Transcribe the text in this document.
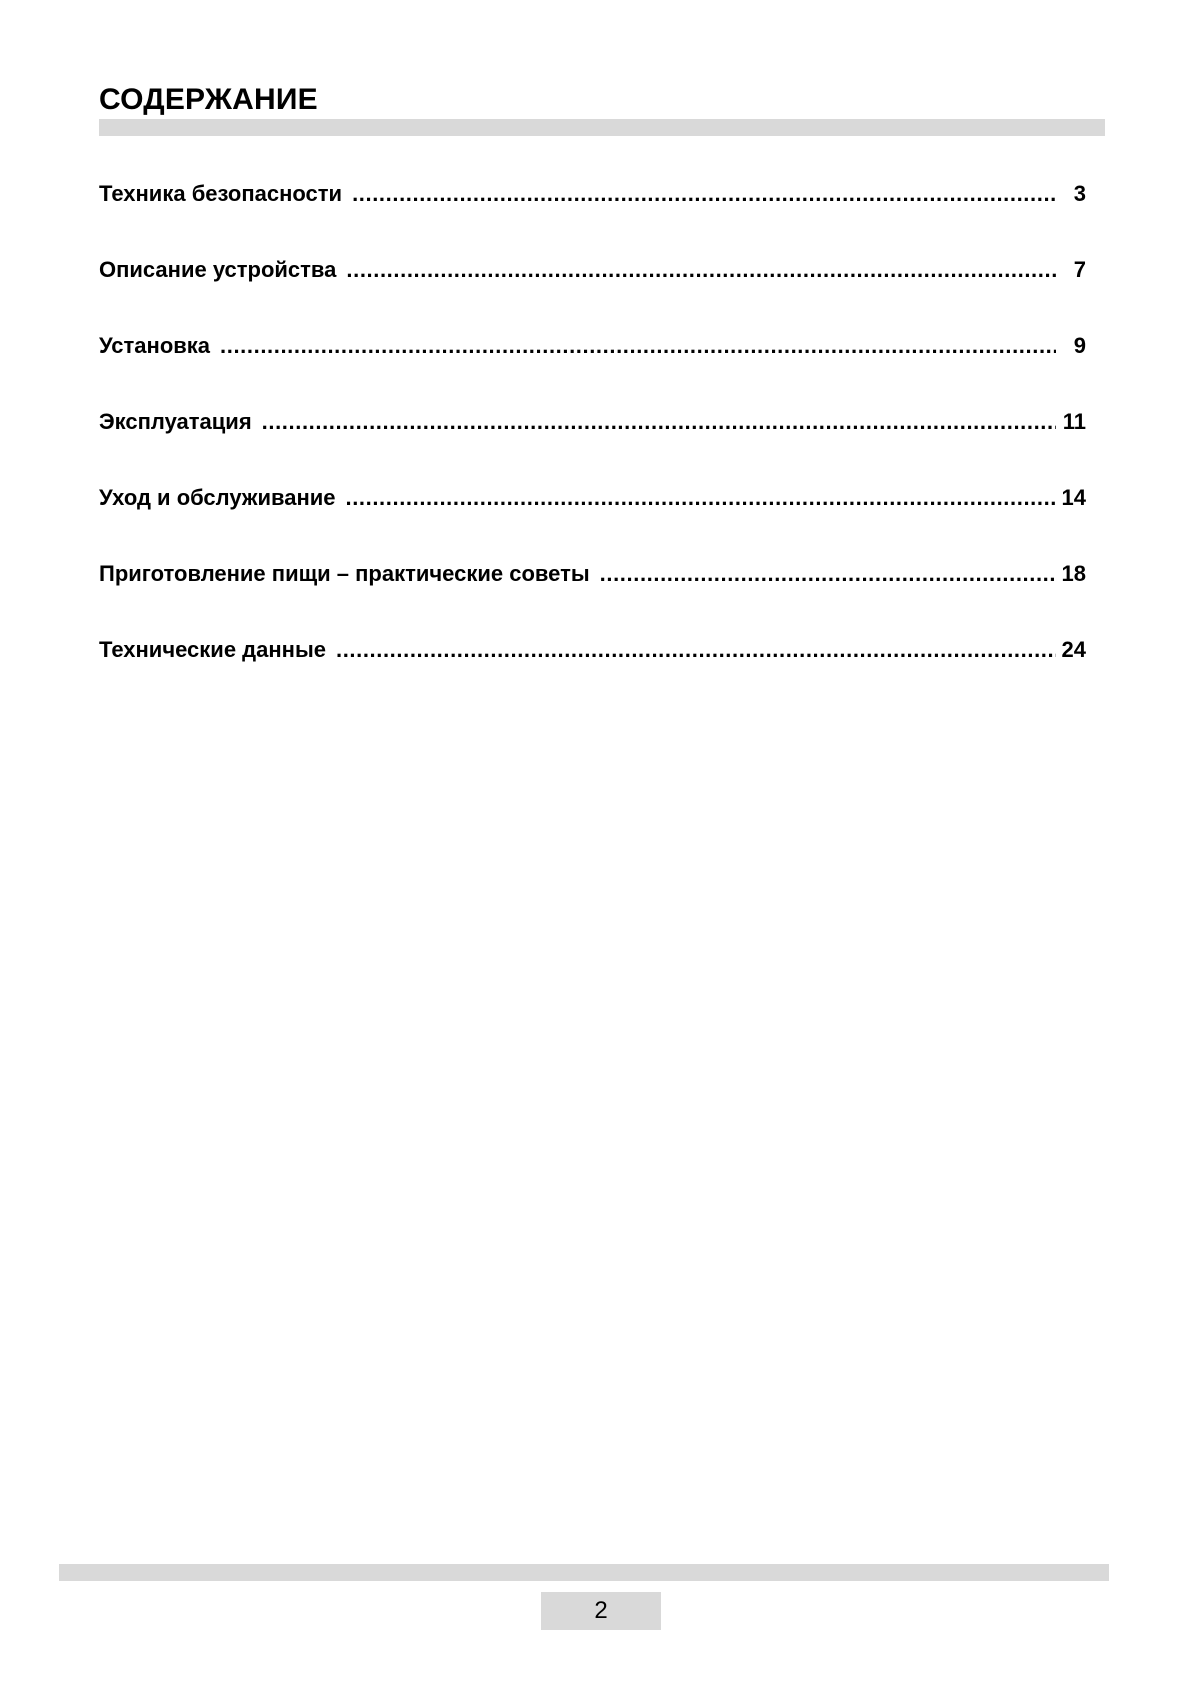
СОДЕРЖАНИЕ
Техника безопасности .....	3
Описание устройства .....	7
Установка .....	9
Эксплуатация .....	11
Уход и обслуживание .....	14
Приготовление пищи – практические советы .....	18
Технические данные .....	24
2
